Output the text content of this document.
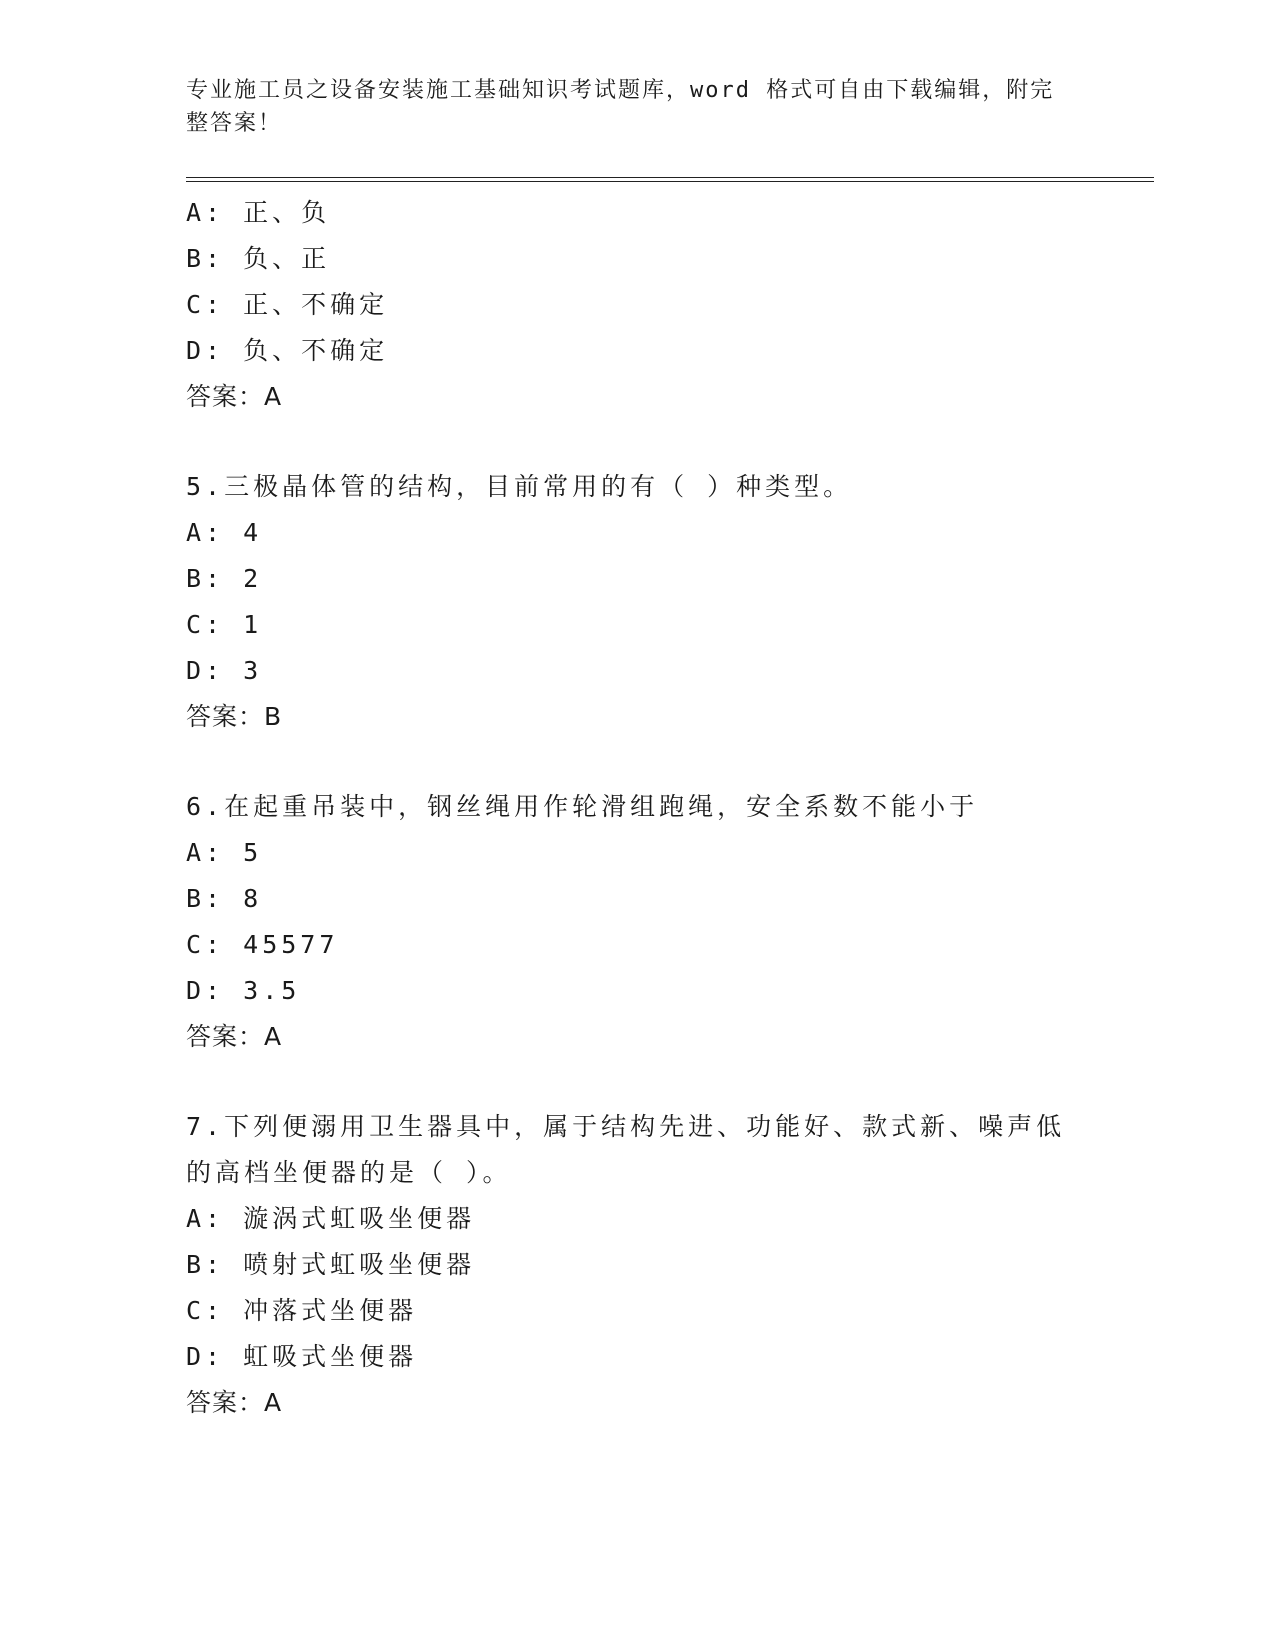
专业施工员之设备安装施工基础知识考试题库，word 格式可自由下载编辑，附完
整答案！
A: 正、负
B: 负、正
C: 正、不确定
D: 负、不确定
答案：A
5.三极晶体管的结构，目前常用的有（ ）种类型。
A: 4
B: 2
C: 1
D: 3
答案：B
6.在起重吊装中，钢丝绳用作轮滑组跑绳，安全系数不能小于
A: 5
B: 8
C: 45577
D: 3.5
答案：A
7.下列便溺用卫生器具中，属于结构先进、功能好、款式新、噪声低
的高档坐便器的是（ ）。
A: 漩涡式虹吸坐便器
B: 喷射式虹吸坐便器
C: 冲落式坐便器
D: 虹吸式坐便器
答案：A
